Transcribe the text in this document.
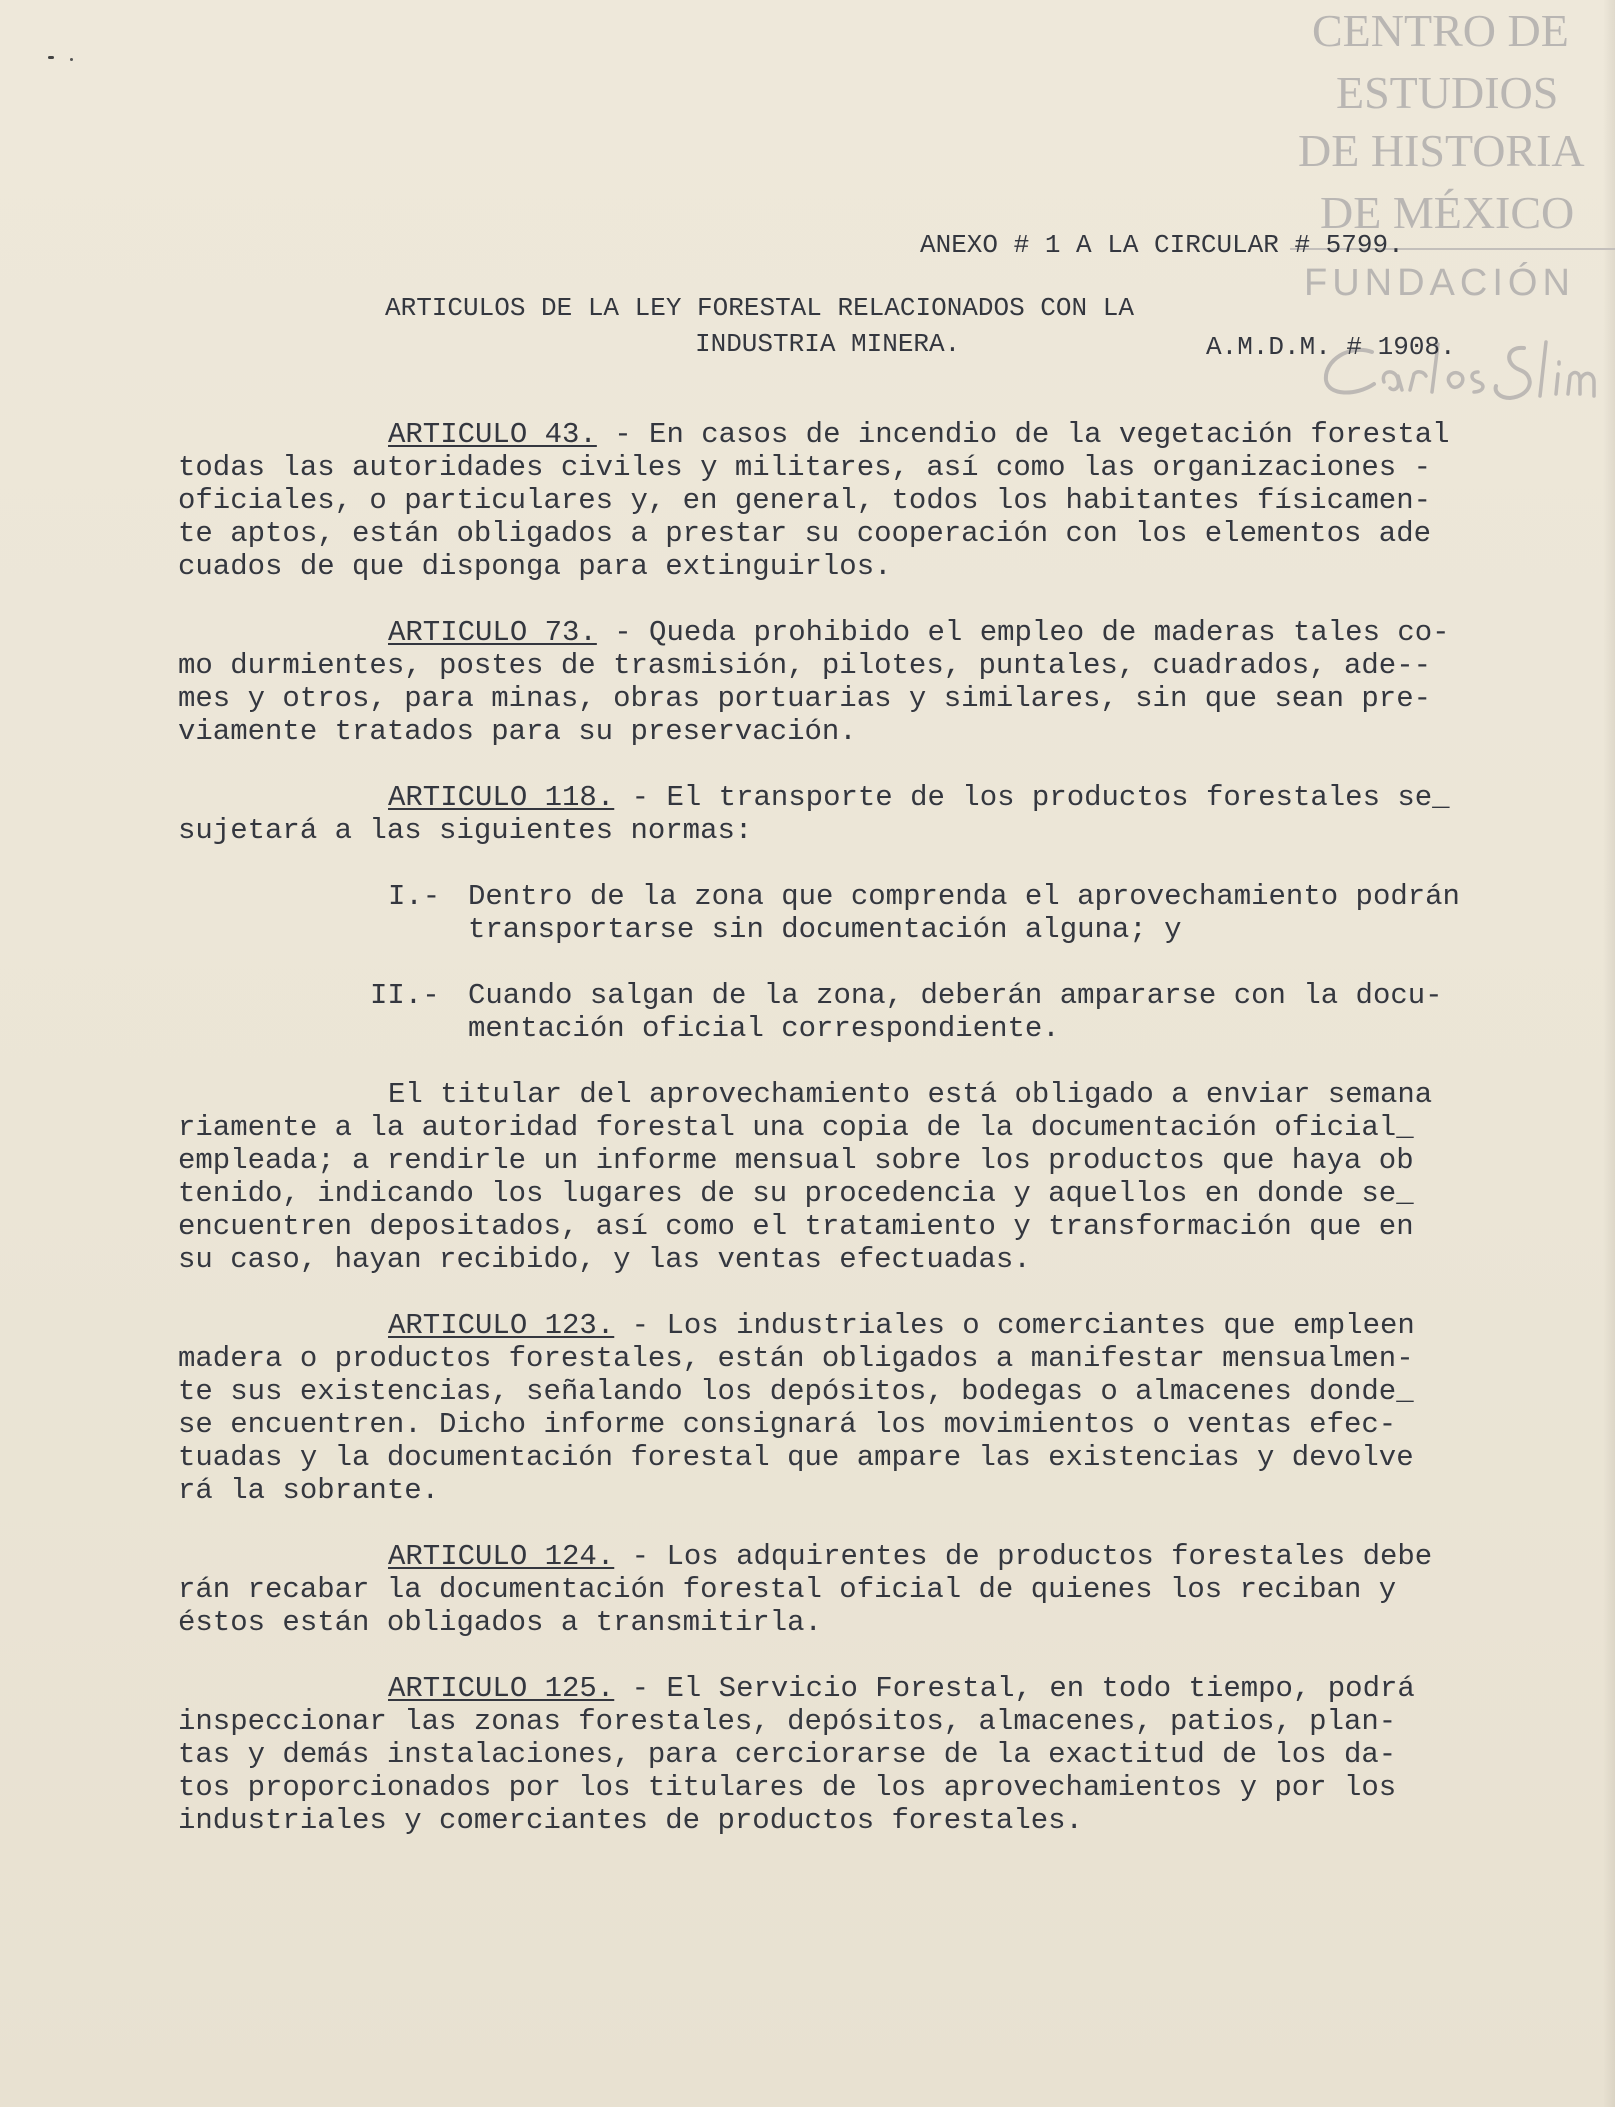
CENTRO DE
ESTUDIOS
DE HISTORIA
DE MÉXICO
FUNDACIÓN

ANEXO # 1 A LA CIRCULAR # 5799.

A.M.D.M. # 1908.

ARTICULOS DE LA LEY FORESTAL RELACIONADOS CON LA
INDUSTRIA MINERA.
ARTICULO 43. - En casos de incendio de la vegetación forestal
todas las autoridades civiles y militares, así como las organizaciones -
oficiales, o particulares y, en general, todos los habitantes físicamen-
te aptos, están obligados a prestar su cooperación con los elementos ade
cuados de que disponga para extinguirlos.
ARTICULO 73. - Queda prohibido el empleo de maderas tales co-
mo durmientes, postes de trasmisión, pilotes, puntales, cuadrados, ade--
mes y otros, para minas, obras portuarias y similares, sin que sean pre-
viamente tratados para su preservación.
ARTICULO 118. - El transporte de los productos forestales se_
sujetará a las siguientes normas:
I.- Dentro de la zona que comprenda el aprovechamiento podrán
transportarse sin documentación alguna; y
II.- Cuando salgan de la zona, deberán ampararse con la docu-
mentación oficial correspondiente.
El titular del aprovechamiento está obligado a enviar semana
riamente a la autoridad forestal una copia de la documentación oficial_
empleada; a rendirle un informe mensual sobre los productos que haya ob
tenido, indicando los lugares de su procedencia y aquellos en donde se_
encuentren depositados, así como el tratamiento y transformación que en
su caso, hayan recibido, y las ventas efectuadas.
ARTICULO 123. - Los industriales o comerciantes que empleen
madera o productos forestales, están obligados a manifestar mensualmen-
te sus existencias, señalando los depósitos, bodegas o almacenes donde_
se encuentren. Dicho informe consignará los movimientos o ventas efec-
tuadas y la documentación forestal que ampare las existencias y devolve
rá la sobrante.
ARTICULO 124. - Los adquirentes de productos forestales debe
rán recabar la documentación forestal oficial de quienes los reciban y
éstos están obligados a transmitirla.
ARTICULO 125. - El Servicio Forestal, en todo tiempo, podrá
inspeccionar las zonas forestales, depósitos, almacenes, patios, plan-
tas y demás instalaciones, para cerciorarse de la exactitud de los da-
tos proporcionados por los titulares de los aprovechamientos y por los
industriales y comerciantes de productos forestales.
